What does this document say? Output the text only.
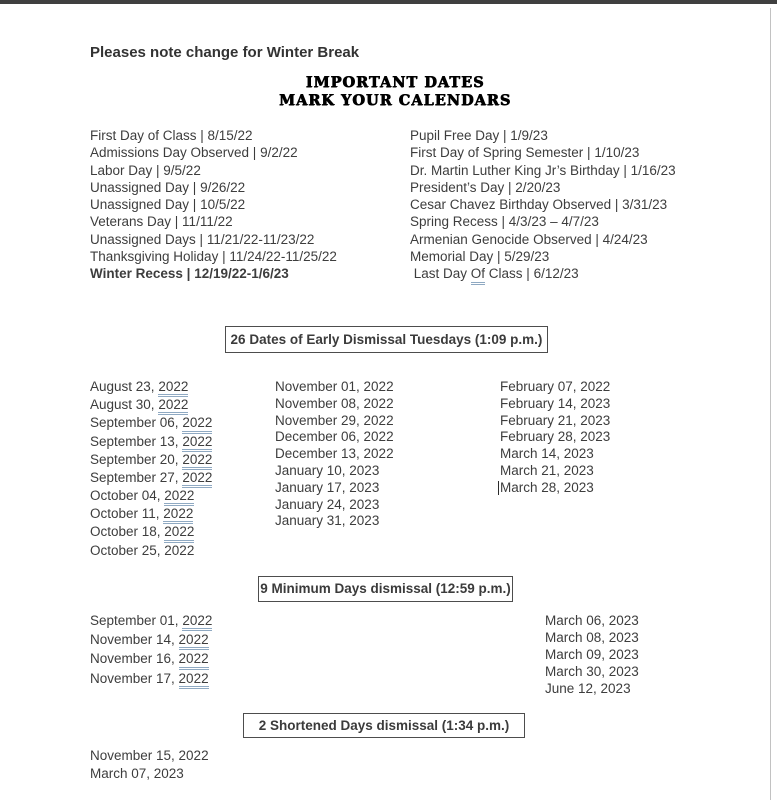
Pleases note change for Winter Break
IMPORTANT DATES
MARK YOUR CALENDARS
First Day of Class | 8/15/22
Admissions Day Observed | 9/2/22
Labor Day | 9/5/22
Unassigned Day | 9/26/22
Unassigned Day | 10/5/22
Veterans Day | 11/11/22
Unassigned Days | 11/21/22-11/23/22
Thanksgiving Holiday | 11/24/22-11/25/22
Winter Recess | 12/19/22-1/6/23
Pupil Free Day | 1/9/23
First Day of Spring Semester | 1/10/23
Dr. Martin Luther King Jr’s Birthday | 1/16/23
President’s Day | 2/20/23
Cesar Chavez Birthday Observed | 3/31/23
Spring Recess | 4/3/23 – 4/7/23
Armenian Genocide Observed | 4/24/23
Memorial Day | 5/29/23
Last Day Of Class | 6/12/23
26 Dates of Early Dismissal Tuesdays (1:09 p.m.)
August 23, 2022
August 30, 2022
September 06, 2022
September 13, 2022
September 20, 2022
September 27, 2022
October 04, 2022
October 11, 2022
October 18, 2022
October 25, 2022
November 01, 2022
November 08, 2022
November 29, 2022
December 06, 2022
December 13, 2022
January 10, 2023
January 17, 2023
January 24, 2023
January 31, 2023
February 07, 2022
February 14, 2023
February 21, 2023
February 28, 2023
March 14, 2023
March 21, 2023
March 28, 2023
9 Minimum Days dismissal (12:59 p.m.)
September 01, 2022
November 14, 2022
November 16, 2022
November 17, 2022
March 06, 2023
March 08, 2023
March 09, 2023
March 30, 2023
June 12, 2023
2 Shortened Days dismissal (1:34 p.m.)
November 15, 2022
March 07, 2023
